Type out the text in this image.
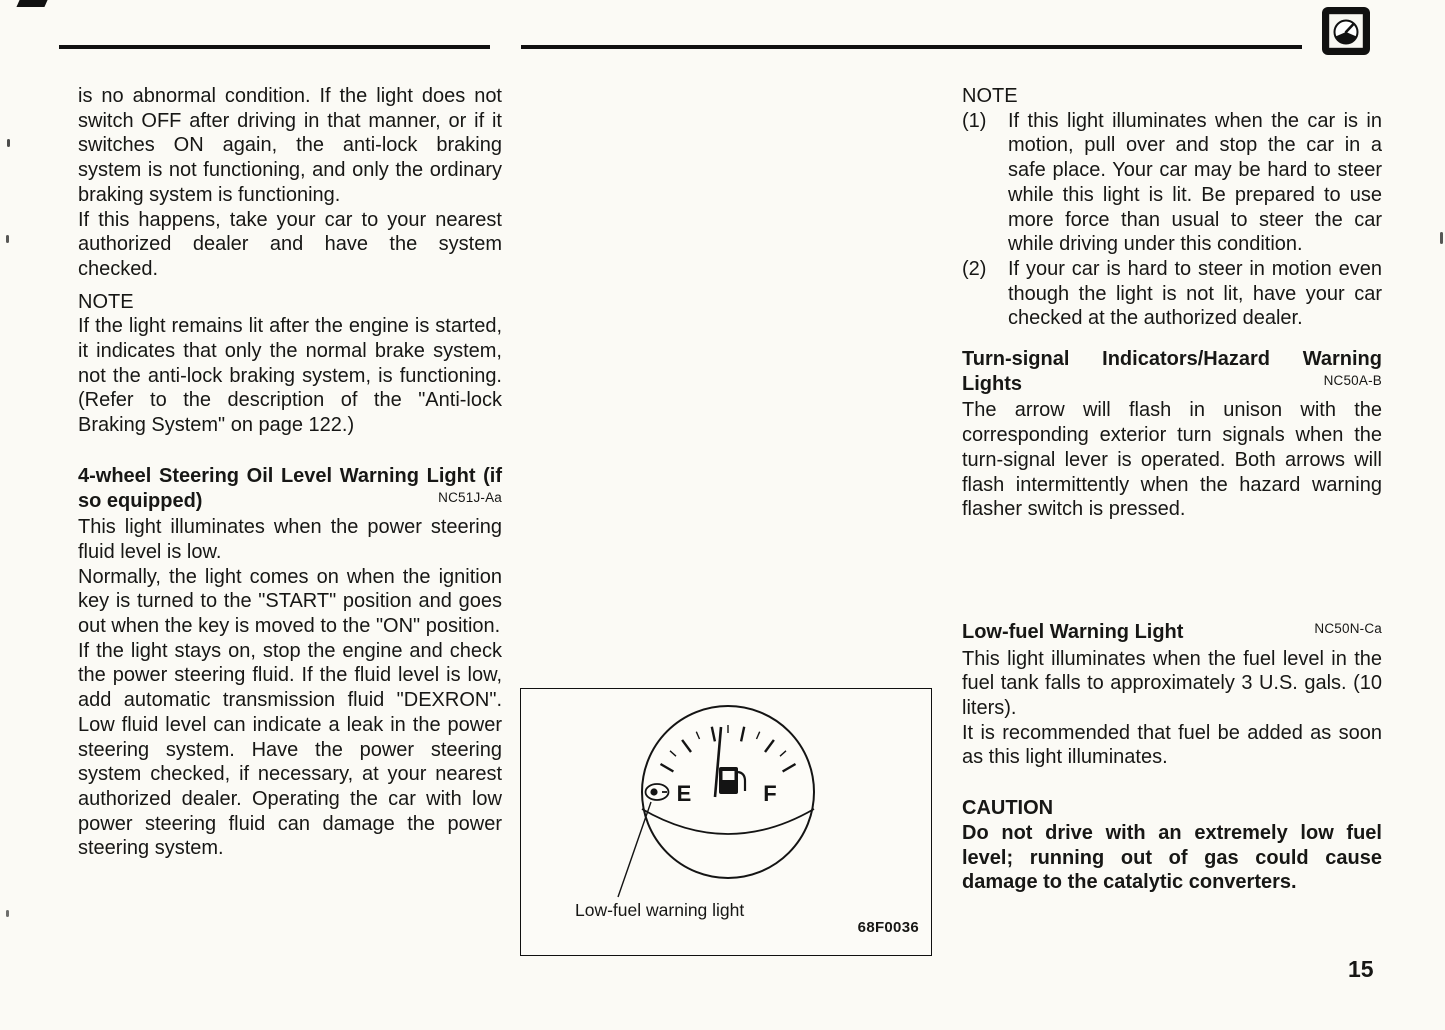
is no abnormal condition. If the light does not switch OFF after driving in that manner, or if it switches ON again, the anti-lock braking system is not functioning, and only the ordinary braking system is functioning.

If this happens, take your car to your nearest authorized dealer and have the system checked.

NOTE

If the light remains lit after the engine is started, it indicates that only the normal brake system, not the anti-lock braking system, is functioning. (Refer to the description of the "Anti-lock Braking System" on page 122.)

4-wheel Steering Oil Level Warning Light (if so equipped)	NC51J-Aa

This light illuminates when the power steering fluid level is low.

Normally, the light comes on when the ignition key is turned to the "START" position and goes out when the key is moved to the "ON" position.

If the light stays on, stop the engine and check the power steering fluid. If the fluid level is low, add automatic transmission fluid "DEXRON". Low fluid level can indicate a leak in the power steering system. Have the power steering system checked, if necessary, at your nearest authorized dealer. Operating the car with low power steering fluid can damage the power steering system.

E	F
Low-fuel warning light
68F0036

NOTE

(1)	If this light illuminates when the car is in motion, pull over and stop the car in a safe place. Your car may be hard to steer while this light is lit. Be prepared to use more force than usual to steer the car while driving under this condition.
(2)	If your car is hard to steer in motion even though the light is not lit, have your car checked at the authorized dealer.
Turn-signal Indicators/Hazard Warning Lights	NC50A-B

The arrow will flash in unison with the corresponding exterior turn signals when the turn-signal lever is operated. Both arrows will flash intermittently when the hazard warning flasher switch is pressed.

Low-fuel Warning Light	NC50N-Ca

This light illuminates when the fuel level in the fuel tank falls to approximately 3 U.S. gals. (10 liters).

It is recommended that fuel be added as soon as this light illuminates.

CAUTION

Do not drive with an extremely low fuel level; running out of gas could cause damage to the catalytic converters.

15
